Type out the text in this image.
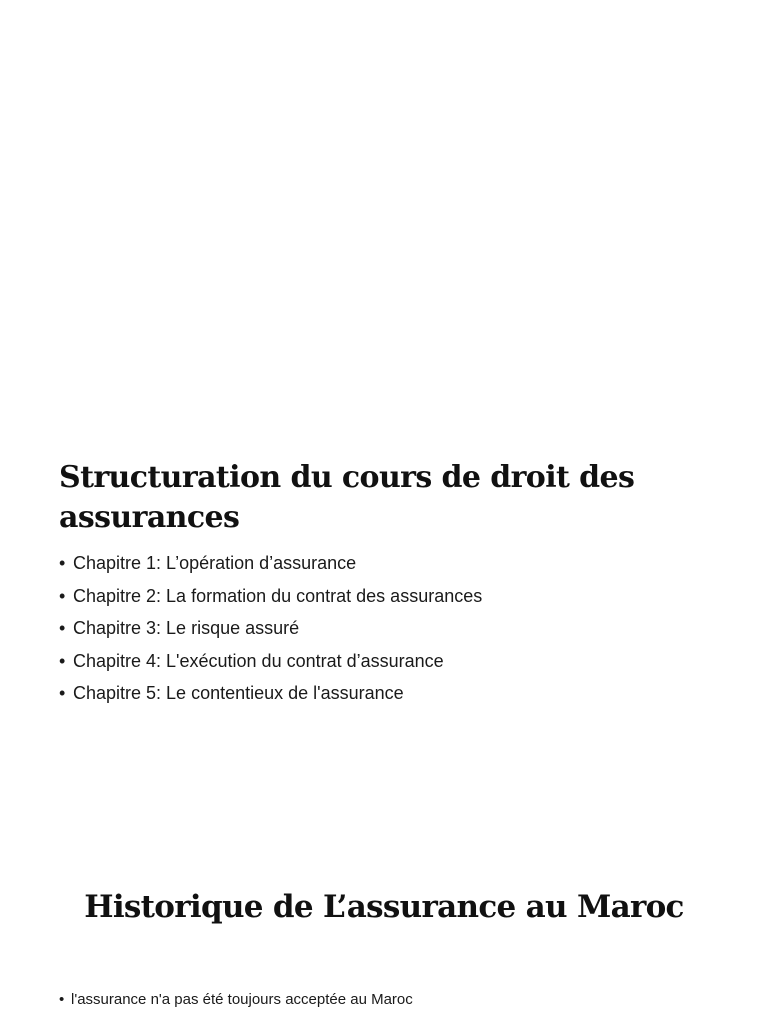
Structuration du cours de droit des assurances
• Chapitre 1: L’opération d’assurance
• Chapitre 2: La formation du contrat des assurances
• Chapitre 3: Le risque assuré
• Chapitre 4: L'exécution du contrat d’assurance
• Chapitre 5: Le contentieux de l'assurance
Historique de L’assurance au Maroc
• l'assurance n'a pas été toujours acceptée au Maroc
